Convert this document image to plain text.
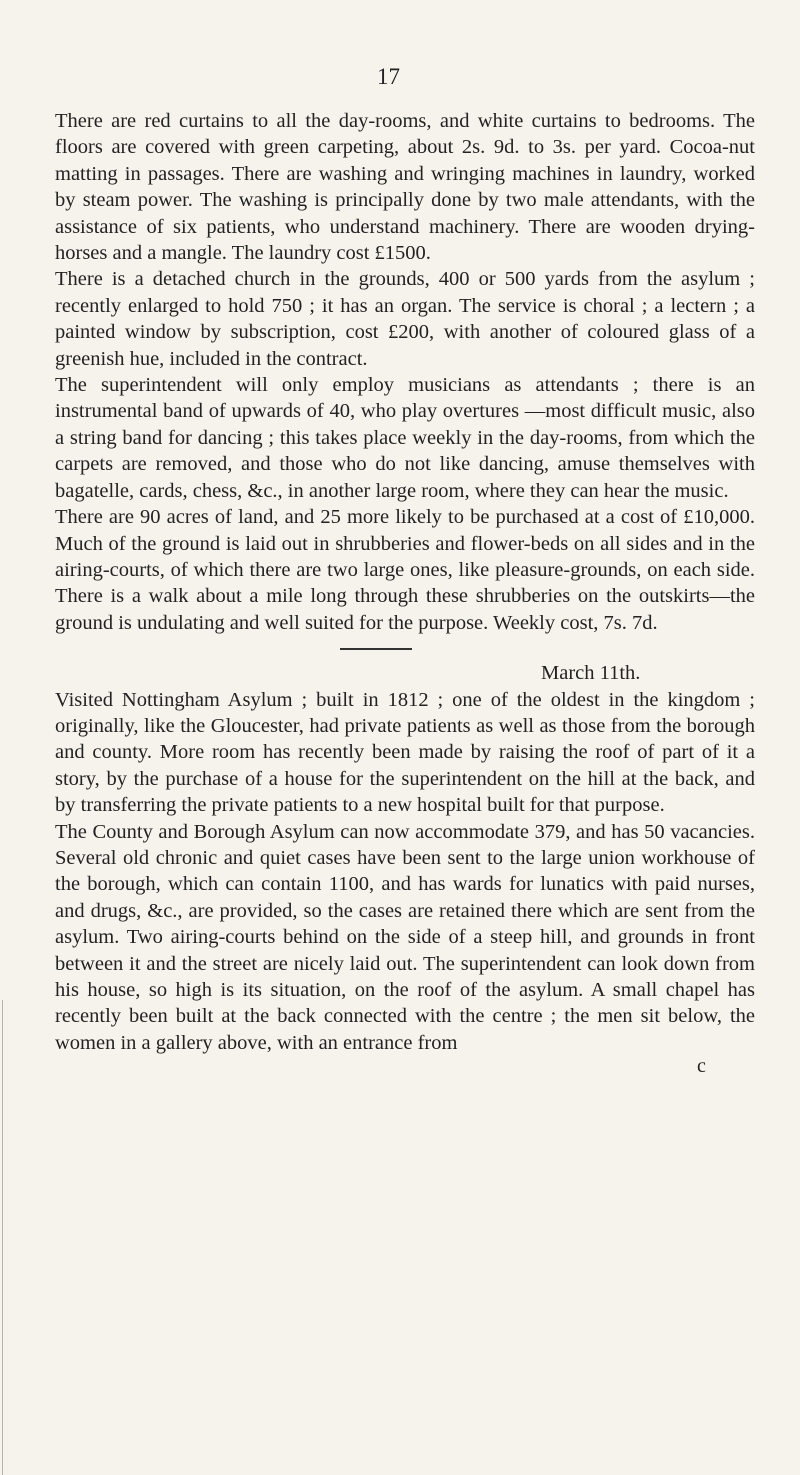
17

There are red curtains to all the day-rooms, and white curtains to bedrooms. The floors are covered with green carpeting, about 2s. 9d. to 3s. per yard. Cocoa-nut matting in passages. There are washing and wringing machines in laundry, worked by steam power. The washing is principally done by two male attendants, with the assistance of six patients, who understand machinery. There are wooden drying-horses and a mangle. The laundry cost £1500.

There is a detached church in the grounds, 400 or 500 yards from the asylum ; recently enlarged to hold 750 ; it has an organ. The service is choral ; a lectern ; a painted window by subscription, cost £200, with another of coloured glass of a greenish hue, included in the contract.

The superintendent will only employ musicians as attendants ; there is an instrumental band of upwards of 40, who play overtures —most difficult music, also a string band for dancing ; this takes place weekly in the day-rooms, from which the carpets are removed, and those who do not like dancing, amuse themselves with bagatelle, cards, chess, &c., in another large room, where they can hear the music.

There are 90 acres of land, and 25 more likely to be purchased at a cost of £10,000. Much of the ground is laid out in shrubberies and flower-beds on all sides and in the airing-courts, of which there are two large ones, like pleasure-grounds, on each side. There is a walk about a mile long through these shrubberies on the outskirts—the ground is undulating and well suited for the purpose. Weekly cost, 7s. 7d.

March 11th.

Visited Nottingham Asylum ; built in 1812 ; one of the oldest in the kingdom ; originally, like the Gloucester, had private patients as well as those from the borough and county. More room has recently been made by raising the roof of part of it a story, by the purchase of a house for the superintendent on the hill at the back, and by transferring the private patients to a new hospital built for that purpose.

The County and Borough Asylum can now accommodate 379, and has 50 vacancies. Several old chronic and quiet cases have been sent to the large union workhouse of the borough, which can contain 1100, and has wards for lunatics with paid nurses, and drugs, &c., are provided, so the cases are retained there which are sent from the asylum. Two airing-courts behind on the side of a steep hill, and grounds in front between it and the street are nicely laid out. The superintendent can look down from his house, so high is its situation, on the roof of the asylum. A small chapel has recently been built at the back connected with the centre ; the men sit below, the women in a gallery above, with an entrance from

c
